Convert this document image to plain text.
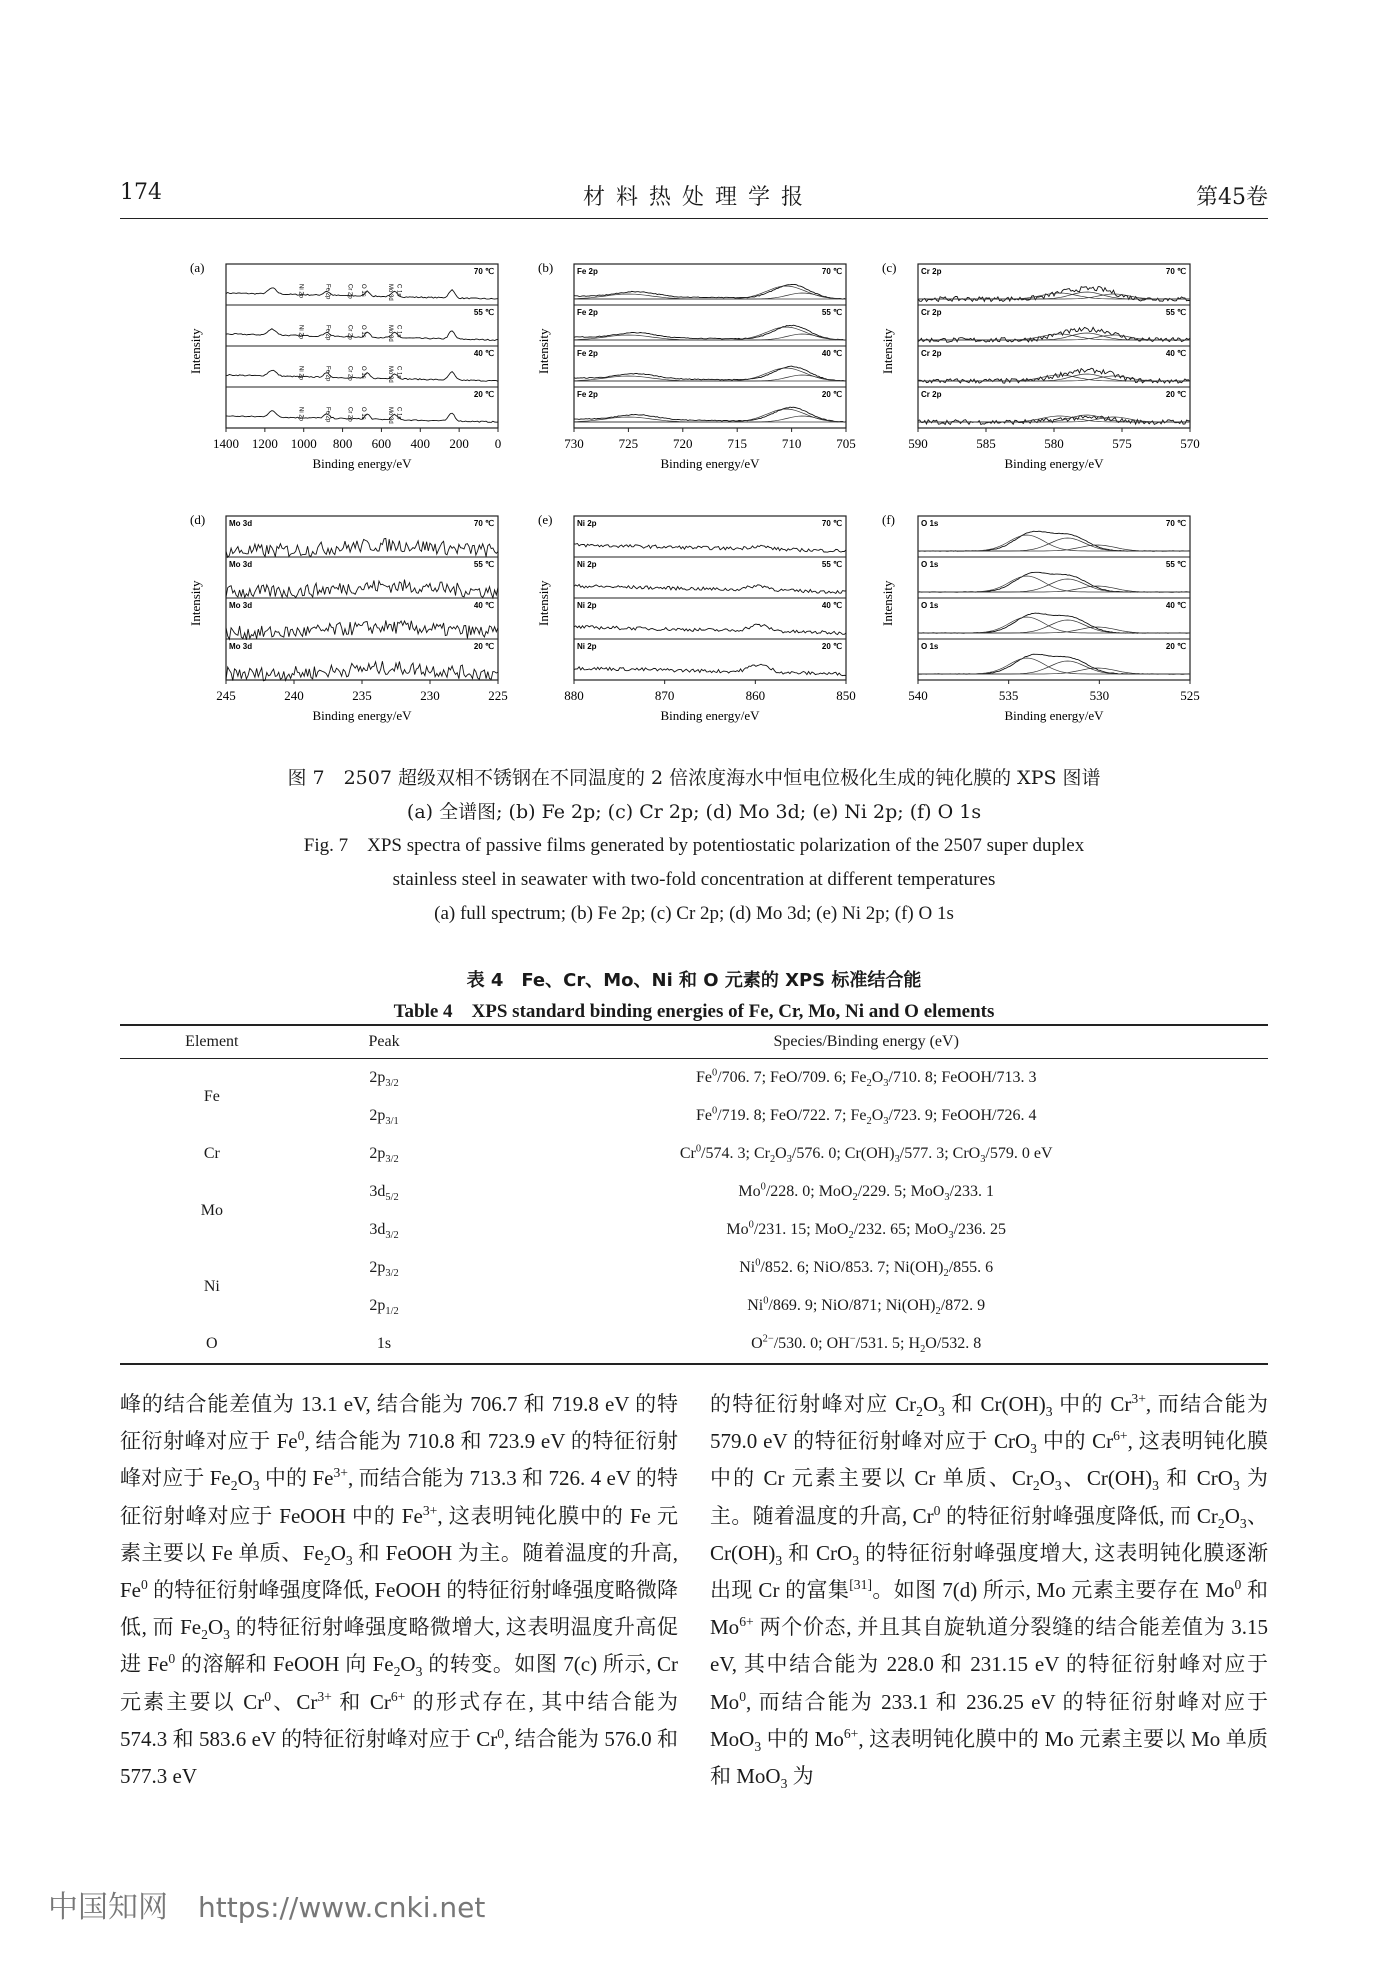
174	材 料 热 处 理 学 报	第45卷
(a)
Intensity
1400 1200 1000 800 600 400 200 0
Binding energy/eV
70 ℃
Ni 2p	Fe 2p	Cr 2p O 1s	Mo 3d C 1s
55 ℃
Ni 2p	Fe 2p	Cr 2p O 1s	Mo 3d C 1s
40 ℃
Ni 2p	Fe 2p	Cr 2p O 1s	Mo 3d C 1s
20 ℃
Ni 2p	Fe 2p	Cr 2p O 1s	Mo 3d C 1s
(b)
Intensity
730	725	720	715	710	705
Binding energy/eV
70 ℃
Fe 2p
55 ℃
Fe 2p
40 ℃
Fe 2p
20 ℃
Fe 2p
(c)
Intensity
590	585	580	575	570
Binding energy/eV
70 ℃
Cr 2p
55 ℃
Cr 2p
40 ℃
Cr 2p
20 ℃
Cr 2p
(d)
Intensity
245	240	235	230	225
Binding energy/eV
70 ℃
Mo 3d
55 ℃
Mo 3d
40 ℃
Mo 3d
20 ℃
Mo 3d
(e)
Intensity
880	870	860	850
Binding energy/eV
70 ℃
Ni 2p
55 ℃
Ni 2p
40 ℃
Ni 2p
20 ℃
Ni 2p
(f)
Intensity
540	535	530	525
Binding energy/eV
70 ℃
O 1s
55 ℃
O 1s
40 ℃
O 1s
20 ℃
O 1s
图 7　2507 超级双相不锈钢在不同温度的 2 倍浓度海水中恒电位极化生成的钝化膜的 XPS 图谱
(a) 全谱图; (b) Fe 2p; (c) Cr 2p; (d) Mo 3d; (e) Ni 2p; (f) O 1s
Fig. 7　XPS spectra of passive films generated by potentiostatic polarization of the 2507 super duplex
stainless steel in seawater with two-fold concentration at different temperatures
(a) full spectrum; (b) Fe 2p; (c) Cr 2p; (d) Mo 3d; (e) Ni 2p; (f) O 1s
表 4　Fe、Cr、Mo、Ni 和 O 元素的 XPS 标准结合能
Table 4　XPS standard binding energies of Fe, Cr, Mo, Ni and O elements
Element	Peak	Species/Binding energy (eV)
Fe	$2p_{3/2}$	Fe$^0$/706. 7; FeO/709. 6; $Fe_2O_3/710$. 8; FeOOH/713. 3
	$2p_{3/1}$	Fe$^0$/719. 8; FeO/722. 7; $Fe_2O_3/723$. 9; FeOOH/726. 4
Cr	$2p_{3/2}$	Cr$^0$/574. 3; $Cr_2O_3/576$. 0; $Cr(OH)_3/577$. 3; CrO$_3$/579. 0 eV
Mo	$3d_{5/2}$	Mo$^0$/228. 0; MoO$_2$/229. 5; MoO$_3$/233. 1
	$3d_{3/2}$	Mo$^0$/231. 15; MoO$_2$/232. 65; MoO$_3$/236. 25
Ni	$2p_{3/2}$	Ni$^0$/852. 6; NiO/853. 7; $Ni(OH)_2/855$. 6
	$2p_{1/2}$	Ni$^0$/869. 9; NiO/871; $Ni(OH)_2/872$. 9
O	1s	$O^{2-}/530$. 0; OH−/531. 5; $H_2O/532$. 8

峰的结合能差值为 13.1 eV, 结合能为 706.7 和 719.8 eV 的特征衍射峰对应于 Fe$^0$, 结合能为 710.8 和 723.9 eV 的特征衍射峰对应于 $Fe_2O_3$ 中的 $Fe^{3+}$, 而结合能为 713.3 和 726. 4 eV 的特征衍射峰对应于 FeOOH 中的 $Fe^{3+}$, 这表明钝化膜中的 Fe 元素主要以 Fe 单质、$Fe_2O_3$ 和 FeOOH 为主。随着温度的升高, Fe$^0$ 的特征衍射峰强度降低, FeOOH 的特征衍射峰强度略微降低, 而 $Fe_2O_3$ 的特征衍射峰强度略微增大, 这表明温度升高促进 Fe$^0$ 的溶解和 FeOOH 向 $Fe_2O_3$ 的转变。如图 7(c) 所示, Cr 元素主要以 Cr$^0$、$Cr^{3+}$ 和 $Cr^{6+}$ 的形式存在, 其中结合能为 574.3 和 583.6 eV 的特征衍射峰对应于 Cr$^0$, 结合能为 576.0 和 577.3 eV

的特征衍射峰对应 $Cr_2O_3$ 和 $Cr(OH)_3$ 中的 $Cr^{3+}$, 而结合能为 579.0 eV 的特征衍射峰对应于 CrO$_3$ 中的 $Cr^{6+}$, 这表明钝化膜中的 Cr 元素主要以 Cr 单质、$Cr_2O_3$、$Cr(OH)_3$ 和 CrO$_3$ 为主。随着温度的升高, Cr$^0$ 的特征衍射峰强度降低, 而 $Cr_2O_3$、$Cr(OH)_3$ 和 CrO$_3$ 的特征衍射峰强度增大, 这表明钝化膜逐渐出现 Cr 的富集[31]。如图 7(d) 所示, Mo 元素主要存在 Mo$^0$ 和 $Mo^{6+}$ 两个价态, 并且其自旋轨道分裂缝的结合能差值为 3.15 eV, 其中结合能为 228.0 和 231.15 eV 的特征衍射峰对应于 Mo$^0$, 而结合能为 233.1 和 236.25 eV 的特征衍射峰对应于 MoO$_3$ 中的 $Mo^{6+}$, 这表明钝化膜中的 Mo 元素主要以 Mo 单质和 MoO$_3$ 为

中国知网 https://www.cnki.net
